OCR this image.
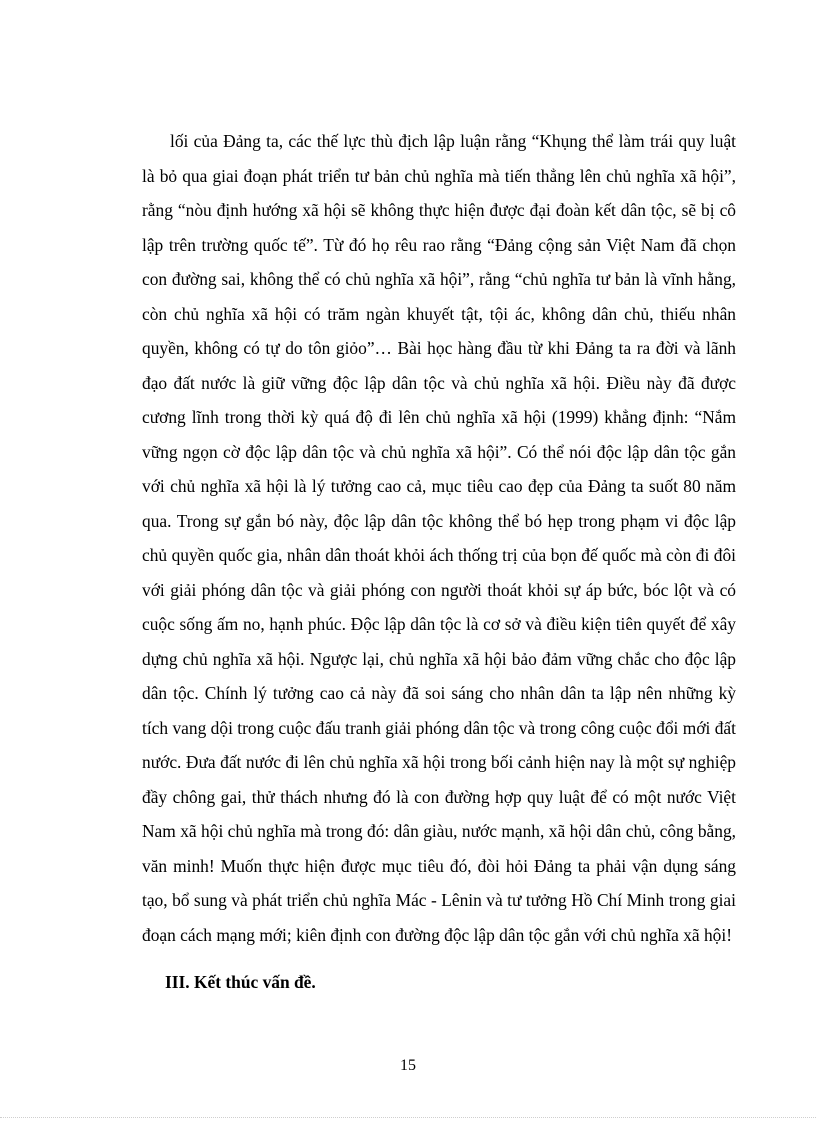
lối của Đảng ta, các thế lực thù địch lập luận rằng “Khụng thể làm trái quy luật là bỏ qua giai đoạn phát triển tư bản chủ nghĩa mà tiến thẳng lên chủ nghĩa xã hội”, rằng “nòu định hướng xã hội sẽ không thực hiện được đại đoàn kết dân tộc, sẽ bị cô lập trên trường quốc tế”. Từ đó họ rêu rao rằng “Đảng cộng sản Việt Nam đã chọn con đường sai, không thể có chủ nghĩa xã hội”, rằng “chủ nghĩa tư bản là vĩnh hằng, còn chủ nghĩa xã hội có trăm ngàn khuyết tật, tội ác, không dân chủ, thiếu nhân quyền, không có tự do tôn giỏo”… Bài học hàng đầu từ khi Đảng ta ra đời và lãnh đạo đất nước là giữ vững độc lập dân tộc và chủ nghĩa xã hội. Điều này đã được cương lĩnh trong thời kỳ quá độ đi lên chủ nghĩa xã hội (1999) khẳng định: “Nắm vững ngọn cờ độc lập dân tộc và chủ nghĩa xã hội”. Có thể nói độc lập dân tộc gắn với chủ nghĩa xã hội là lý tưởng cao cả, mục tiêu cao đẹp của Đảng ta suốt 80 năm qua. Trong sự gắn bó này, độc lập dân tộc không thể bó hẹp trong phạm vi độc lập chủ quyền quốc gia, nhân dân thoát khỏi ách thống trị của bọn đế quốc mà còn đi đôi với giải phóng dân tộc và giải phóng con người thoát khỏi sự áp bức, bóc lột và có cuộc sống ấm no, hạnh phúc. Độc lập dân tộc là cơ sở và điều kiện tiên quyết để xây dựng chủ nghĩa xã hội. Ngược lại, chủ nghĩa xã hội bảo đảm vững chắc cho độc lập dân tộc. Chính lý tưởng cao cả này đã soi sáng cho nhân dân ta lập nên những kỳ tích vang dội trong cuộc đấu tranh giải phóng dân tộc và trong công cuộc đổi mới đất nước. Đưa đất nước đi lên chủ nghĩa xã hội trong bối cảnh hiện nay là một sự nghiệp đầy chông gai, thử thách nhưng đó là con đường hợp quy luật để có một nước Việt Nam xã hội chủ nghĩa mà trong đó: dân giàu, nước mạnh, xã hội dân chủ, công bằng, văn minh! Muốn thực hiện được mục tiêu đó, đòi hỏi Đảng ta phải vận dụng sáng tạo, bổ sung và phát triển chủ nghĩa Mác - Lênin và tư tưởng Hồ Chí Minh trong giai đoạn cách mạng mới; kiên định con đường độc lập dân tộc gắn với chủ nghĩa xã hội!

III. Kết thúc vấn đề.
15
